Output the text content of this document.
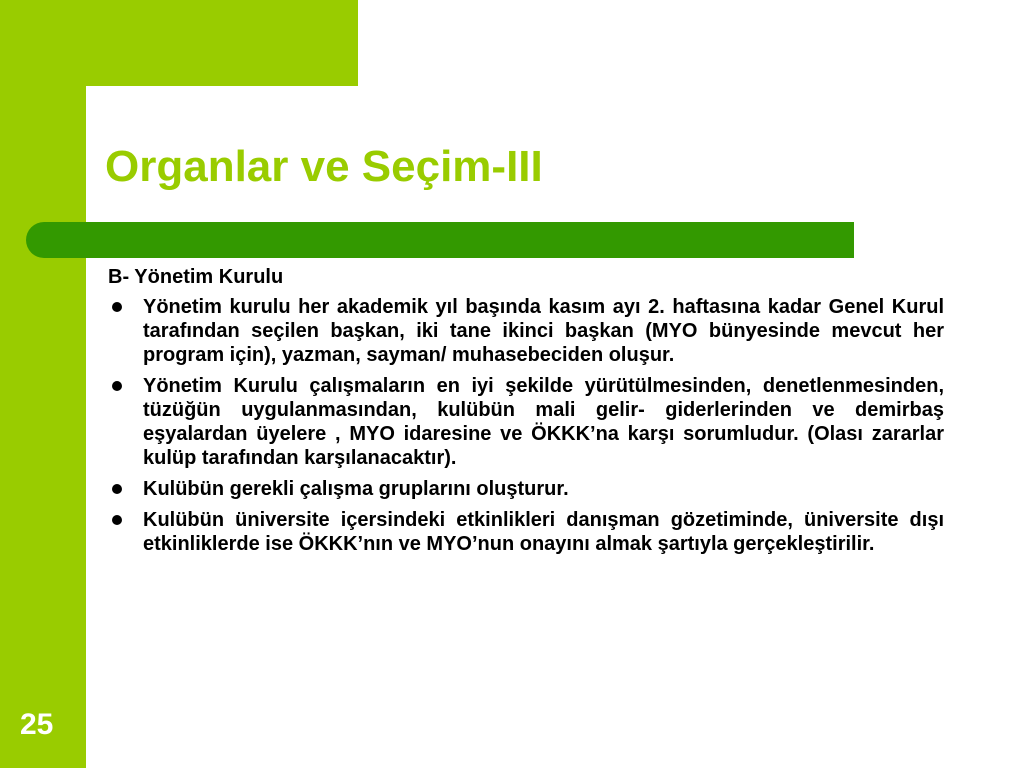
Organlar ve Seçim-III

B- Yönetim Kurulu

Yönetim kurulu her akademik yıl başında kasım ayı 2. haftasına kadar Genel Kurul tarafından seçilen başkan, iki tane ikinci başkan (MYO bünyesinde mevcut her program için), yazman, sayman/ muhasebeciden oluşur.
Yönetim Kurulu çalışmaların en iyi şekilde yürütülmesinden, denetlenmesinden, tüzüğün uygulanmasından, kulübün mali gelir- giderlerinden ve demirbaş eşyalardan üyelere , MYO idaresine ve ÖKKK’na karşı sorumludur. (Olası zararlar kulüp tarafından karşılanacaktır).
Kulübün gerekli çalışma gruplarını oluşturur.
Kulübün üniversite içersindeki etkinlikleri danışman gözetiminde, üniversite dışı etkinliklerde ise ÖKKK’nın ve MYO’nun onayını almak şartıyla gerçekleştirilir.
25
